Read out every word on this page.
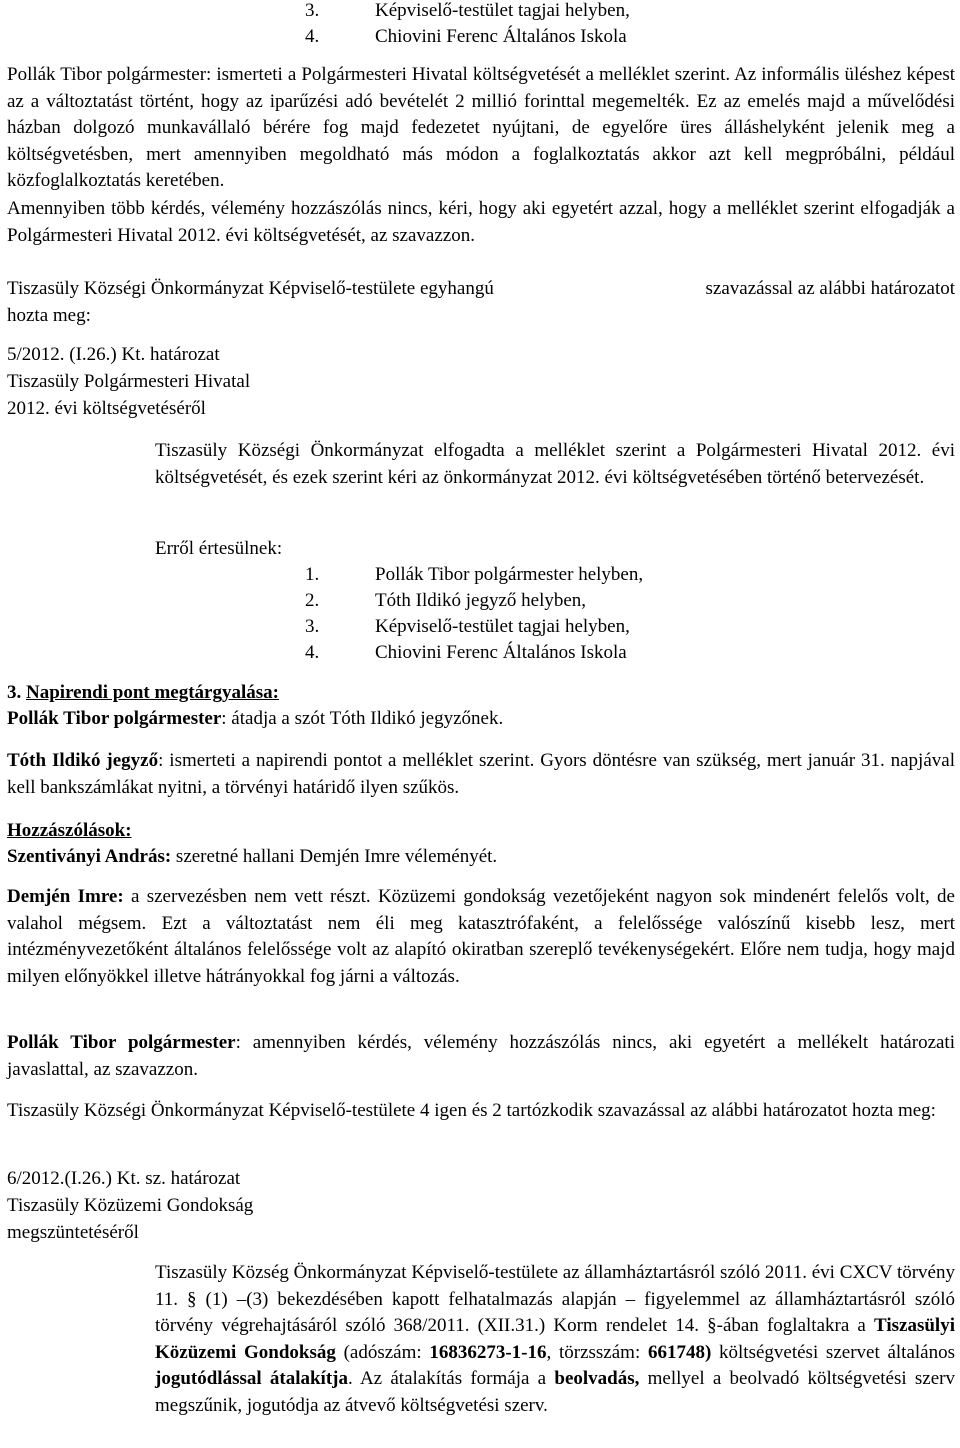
3.	Képviselő-testület tagjai helyben,
4.	Chiovini Ferenc Általános Iskola

Pollák Tibor polgármester: ismerteti a Polgármesteri Hivatal költségvetését a melléklet szerint. Az informális üléshez képest az a változtatást történt, hogy az iparűzési adó bevételét 2 millió forinttal megemelték. Ez az emelés majd a művelődési házban dolgozó munkavállaló bérére fog majd fedezetet nyújtani, de egyelőre üres álláshelyként jelenik meg a költségvetésben, mert amennyiben megoldható más módon a foglalkoztatás akkor azt kell megpróbálni, például közfoglalkoztatás keretében.

Amennyiben több kérdés, vélemény hozzászólás nincs, kéri, hogy aki egyetért azzal, hogy a melléklet szerint elfogadják a Polgármesteri Hivatal 2012. évi költségvetését, az szavazzon.

Tiszasüly Községi Önkormányzat Képviselő-testülete egyhangú	szavazással az alábbi határozatot
hozta meg:
5/2012. (I.26.) Kt. határozat
Tiszasüly Polgármesteri Hivatal
2012. évi költségvetéséről

Tiszasüly Községi Önkormányzat elfogadta a melléklet szerint a Polgármesteri Hivatal 2012. évi költségvetését, és ezek szerint kéri az önkormányzat 2012. évi költségvetésében történő betervezését.

Erről értesülnek:
1.	Pollák Tibor polgármester helyben,
2.	Tóth Ildikó jegyző helyben,
3.	Képviselő-testület tagjai helyben,
4.	Chiovini Ferenc Általános Iskola
3. Napirendi pont megtárgyalása:
Pollák Tibor polgármester: átadja a szót Tóth Ildikó jegyzőnek.

Tóth Ildikó jegyző: ismerteti a napirendi pontot a melléklet szerint. Gyors döntésre van szükség, mert január 31. napjával kell bankszámlákat nyitni, a törvényi határidő ilyen szűkös.

Hozzászólások:
Szentiványi András: szeretné hallani Demjén Imre véleményét.

Demjén Imre: a szervezésben nem vett részt. Közüzemi gondokság vezetőjeként nagyon sok mindenért felelős volt, de valahol mégsem. Ezt a változtatást nem éli meg katasztrófaként, a felelőssége valószínű kisebb lesz, mert intézményvezetőként általános felelőssége volt az alapító okiratban szereplő tevékenységekért. Előre nem tudja, hogy majd milyen előnyökkel illetve hátrányokkal fog járni a változás.

Pollák Tibor polgármester: amennyiben kérdés, vélemény hozzászólás nincs, aki egyetért a mellékelt határozati javaslattal, az szavazzon.

Tiszasüly Községi Önkormányzat Képviselő-testülete 4 igen és 2 tartózkodik szavazással az alábbi határozatot hozta meg:

6/2012.(I.26.) Kt. sz. határozat
Tiszasüly Közüzemi Gondokság
megszüntetéséről

Tiszasüly Község Önkormányzat Képviselő-testülete az államháztartásról szóló 2011. évi CXCV törvény 11. § (1) –(3) bekezdésében kapott felhatalmazás alapján – figyelemmel az államháztartásról szóló törvény végrehajtásáról szóló 368/2011. (XII.31.) Korm rendelet 14. §-ában foglaltakra a Tiszasülyi Közüzemi Gondokság (adószám: 16836273-1-16, törzsszám: 661748) költségvetési szervet általános jogutódlással átalakítja. Az átalakítás formája a beolvadás, mellyel a beolvadó költségvetési szerv megszűnik, jogutódja az átvevő költségvetési szerv.
